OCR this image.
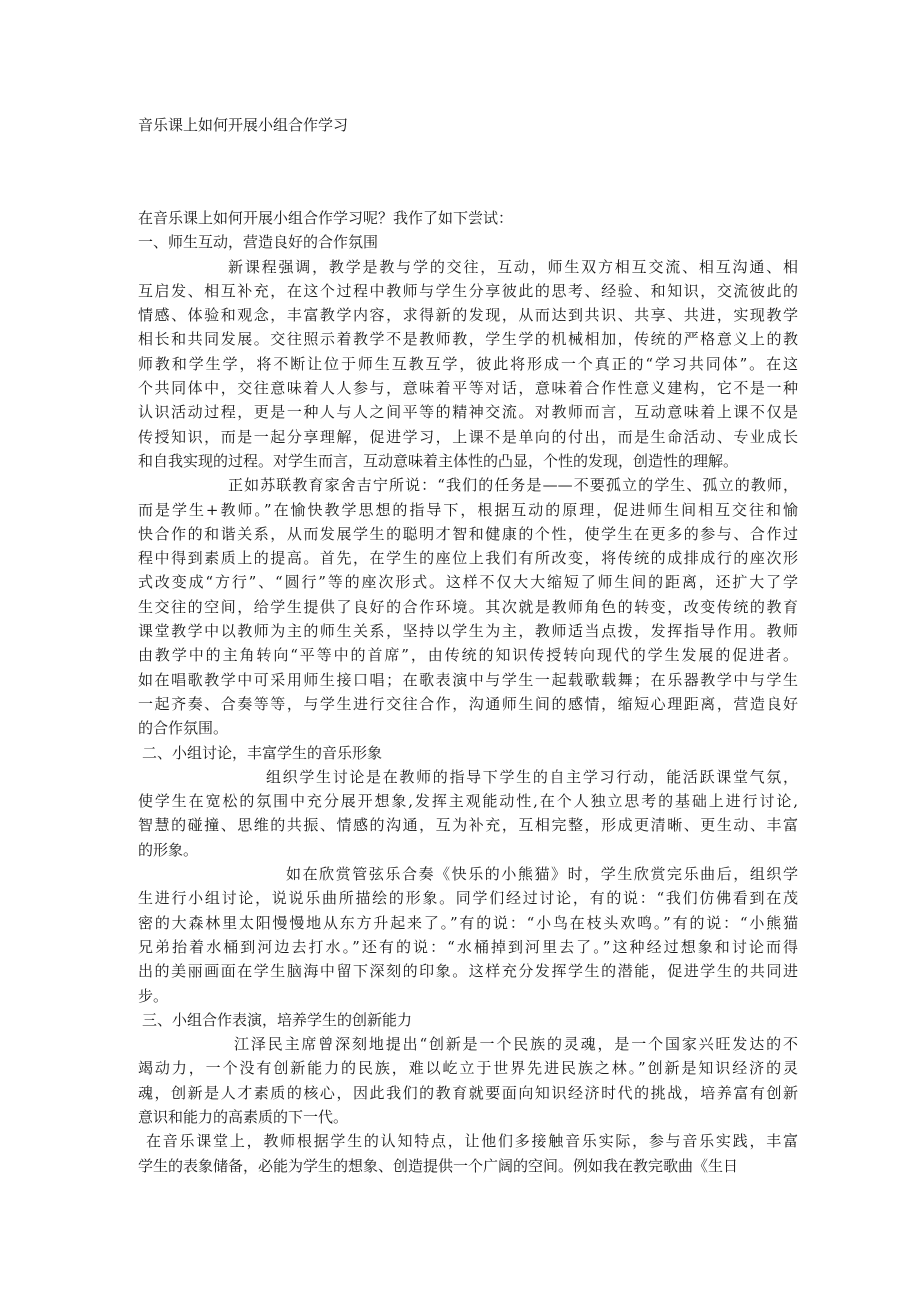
音乐课上如何开展小组合作学习
在音乐课上如何开展小组合作学习呢？我作了如下尝试：
一、师生互动，营造良好的合作氛围
新课程强调，教学是教与学的交往，互动，师生双方相互交流、相互沟通、相
互启发、相互补充，在这个过程中教师与学生分享彼此的思考、经验、和知识，交流彼此的
情感、体验和观念，丰富教学内容，求得新的发现，从而达到共识、共享、共进，实现教学
相长和共同发展。交往照示着教学不是教师教，学生学的机械相加，传统的严格意义上的教
师教和学生学，将不断让位于师生互教互学，彼此将形成一个真正的“学习共同体”。在这
个共同体中，交往意味着人人参与，意味着平等对话，意味着合作性意义建构，它不是一种
认识活动过程，更是一种人与人之间平等的精神交流。对教师而言，互动意味着上课不仅是
传授知识，而是一起分享理解，促进学习，上课不是单向的付出，而是生命活动、专业成长
和自我实现的过程。对学生而言，互动意味着主体性的凸显，个性的发现，创造性的理解。
正如苏联教育家舍吉宁所说：“我们的任务是——不要孤立的学生、孤立的教师，
而是学生+教师。”在愉快教学思想的指导下，根据互动的原理，促进师生间相互交往和愉
快合作的和谐关系，从而发展学生的聪明才智和健康的个性，使学生在更多的参与、合作过
程中得到素质上的提高。首先，在学生的座位上我们有所改变，将传统的成排成行的座次形
式改变成“方行”、“圆行”等的座次形式。这样不仅大大缩短了师生间的距离，还扩大了学
生交往的空间，给学生提供了良好的合作环境。其次就是教师角色的转变，改变传统的教育
课堂教学中以教师为主的师生关系，坚持以学生为主，教师适当点拨，发挥指导作用。教师
由教学中的主角转向“平等中的首席”，由传统的知识传授转向现代的学生发展的促进者。
如在唱歌教学中可采用师生接口唱；在歌表演中与学生一起载歌载舞；在乐器教学中与学生
一起齐奏、合奏等等，与学生进行交往合作，沟通师生间的感情，缩短心理距离，营造良好
的合作氛围。
二、小组讨论，丰富学生的音乐形象
组织学生讨论是在教师的指导下学生的自主学习行动，能活跃课堂气氛，
使学生在宽松的氛围中充分展开想象,发挥主观能动性,在个人独立思考的基础上进行讨论,
智慧的碰撞、思维的共振、情感的沟通，互为补充，互相完整，形成更清晰、更生动、丰富
的形象。
如在欣赏管弦乐合奏《快乐的小熊猫》时，学生欣赏完乐曲后，组织学
生进行小组讨论，说说乐曲所描绘的形象。同学们经过讨论，有的说：“我们仿佛看到在茂
密的大森林里太阳慢慢地从东方升起来了。”有的说：“小鸟在枝头欢鸣。”有的说：“小熊猫
兄弟抬着水桶到河边去打水。”还有的说：“水桶掉到河里去了。”这种经过想象和讨论而得
出的美丽画面在学生脑海中留下深刻的印象。这样充分发挥学生的潜能，促进学生的共同进
步。
三、小组合作表演，培养学生的创新能力
江泽民主席曾深刻地提出“创新是一个民族的灵魂，是一个国家兴旺发达的不
竭动力，一个没有创新能力的民族，难以屹立于世界先进民族之林。”创新是知识经济的灵
魂，创新是人才素质的核心，因此我们的教育就要面向知识经济时代的挑战，培养富有创新
意识和能力的高素质的下一代。
在音乐课堂上，教师根据学生的认知特点，让他们多接触音乐实际，参与音乐实践，丰富
学生的表象储备，必能为学生的想象、创造提供一个广阔的空间。例如我在教完歌曲《生日
